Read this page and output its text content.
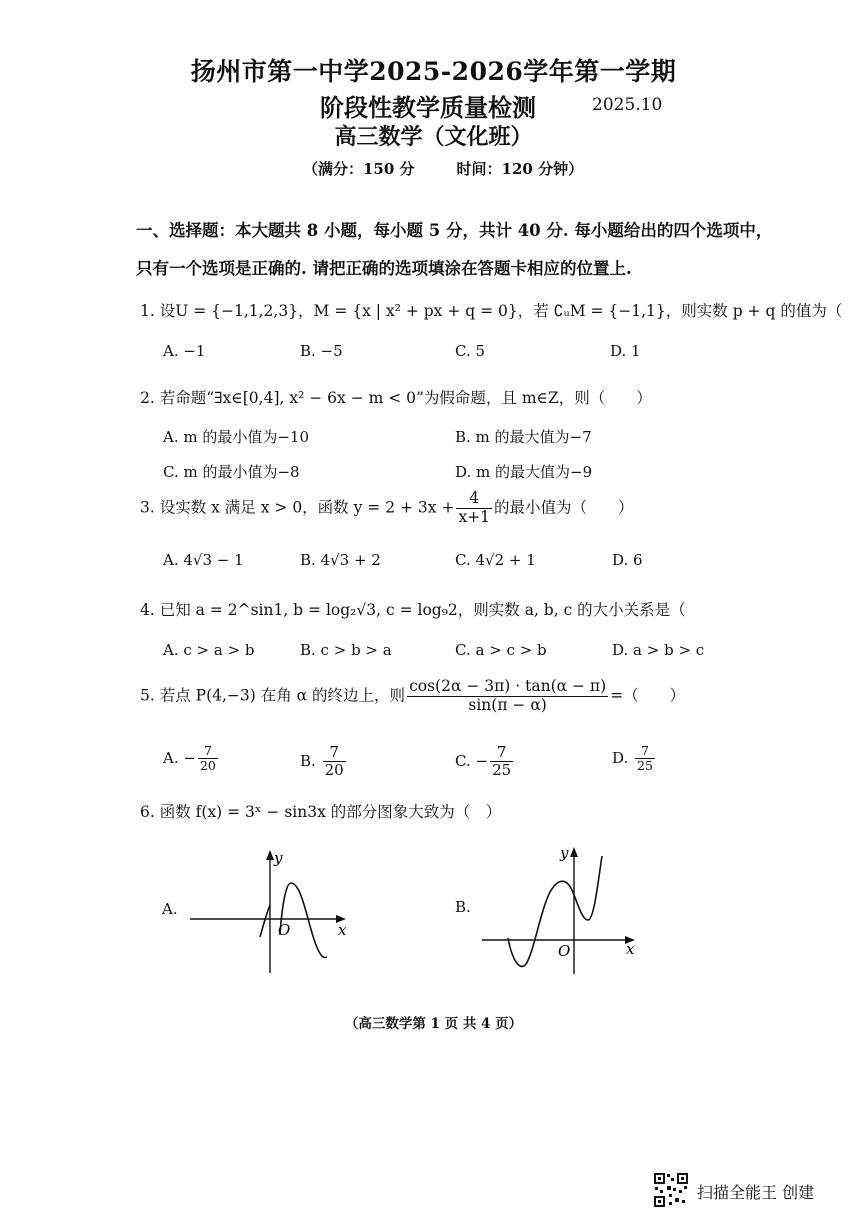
扬州市第一中学2025-2026学年第一学期
阶段性教学质量检测	2025.10
高三数学（文化班）
（满分：150 分	时间：120 分钟）
一、选择题：本大题共 8 小题，每小题 5 分，共计 40 分. 每小题给出的四个选项中，
只有一个选项是正确的. 请把正确的选项填涂在答题卡相应的位置上.
1. 设U = {−1,1,2,3}，M = {x | x² + px + q = 0}，若 ∁ᵤM = {−1,1}，则实数 p + q 的值为（
A. −1	B. −5	C. 5	D. 1
2. 若命题“∃x∈[0,4], x² − 6x − m < 0”为假命题，且 m∈Z，则（　　）
A. m 的最小值为−10	B. m 的最大值为−7
C. m 的最小值为−8	D. m 的最大值为−9
3. 设实数 x 满足 x > 0，函数 $y = 2 + 3x + \frac{4}{x+1}$ 的最小值为（　　）
A. 4√3 − 1	B. 4√3 + 2	C. 4√2 + 1	D. 6
4. 已知 a = 2^sin1, b = log₂√3, c = log₉2，则实数 a, b, c 的大小关系是（
A. c > a > b	B. c > b > a	C. a > c > b	D. a > b > c
5. 若点 P(4,−3) 在角 α 的终边上，则 $\frac{\cos(2\alpha - 3\pi) \cdot \tan(\alpha - \pi)}{\sin(\pi - \alpha)}$ =（　　）
A. − $\frac{7}{20}$	B. $\frac{7}{20}$	C. − $\frac{7}{25}$	D. $\frac{7}{25}$
6. 函数 f(x) = 3ˣ − sin3x 的部分图象大致为（　）
A.
y
x
O
B.
y
x
O
（高三数学第 1 页 共 4 页）
扫描全能王 创建
